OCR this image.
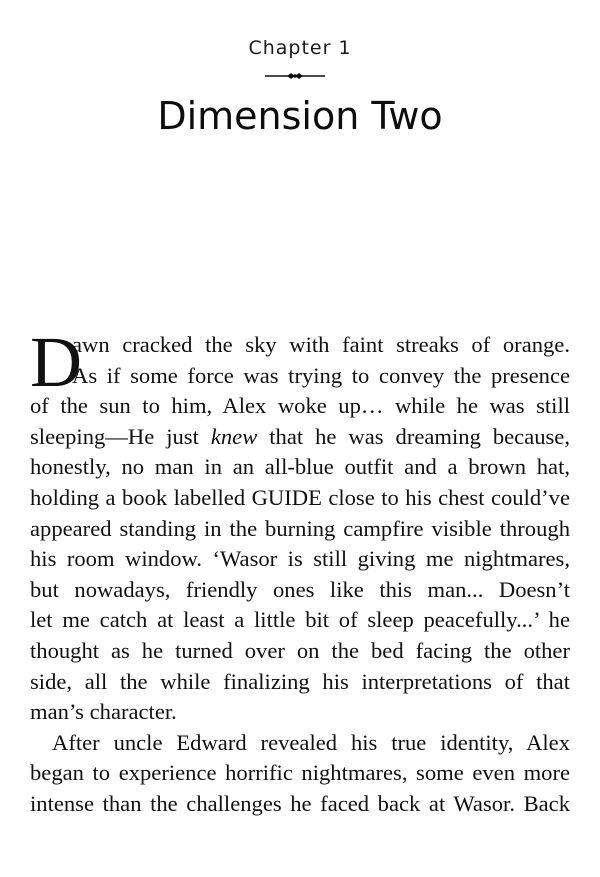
Chapter 1
Dimension Two
D
awn cracked the sky with faint streaks of orange.
As if some force was trying to convey the presence
of the sun to him, Alex woke up… while he was still
sleeping—He just knew that he was dreaming because,
honestly, no man in an all-blue outfit and a brown hat,
holding a book labelled GUIDE close to his chest could’ve
appeared standing in the burning campfire visible through
his room window. ‘Wasor is still giving me nightmares,
but nowadays, friendly ones like this man... Doesn’t
let me catch at least a little bit of sleep peacefully...’ he
thought as he turned over on the bed facing the other
side, all the while finalizing his interpretations of that
man’s character.
After uncle Edward revealed his true identity, Alex
began to experience horrific nightmares, some even more
intense than the challenges he faced back at Wasor. Back
